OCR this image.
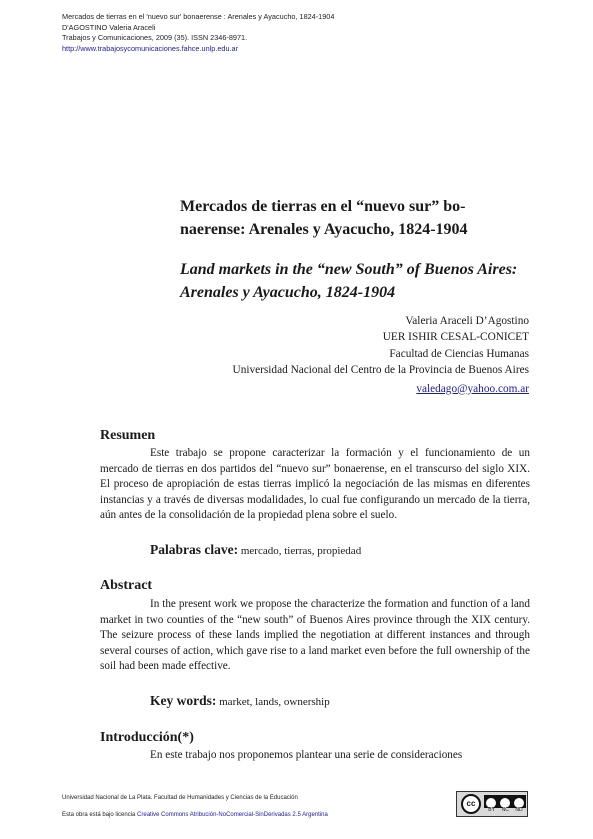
Mercados de tierras en el 'nuevo sur' bonaerense : Arenales y Ayacucho, 1824-1904
D'AGOSTINO Valeria Araceli
Trabajos y Comunicaciones, 2009 (35). ISSN 2346-8971.
http://www.trabajosycomunicaciones.fahce.unlp.edu.ar

Mercados de tierras en el “nuevo sur” bo-naerense: Arenales y Ayacucho, 1824-1904

Land markets in the “new South” of Buenos Aires: Arenales y Ayacucho, 1824-1904

Valeria Araceli D’Agostino
UER ISHIR CESAL-CONICET
Facultad de Ciencias Humanas
Universidad Nacional del Centro de la Provincia de Buenos Aires
valedago@yahoo.com.ar
Resumen

Este trabajo se propone caracterizar la formación y el funcionamiento de un mercado de tierras en dos partidos del “nuevo sur” bonaerense, en el transcurso del siglo XIX. El proceso de apropiación de estas tierras implicó la negociación de las mismas en diferentes instancias y a través de diversas modalidades, lo cual fue configurando un mercado de la tierra, aún antes de la consolidación de la propiedad plena sobre el suelo.

Palabras clave: mercado, tierras, propiedad

Abstract

In the present work we propose the characterize the formation and function of a land market in two counties of the “new south” of Buenos Aires province through the XIX century. The seizure process of these lands implied the negotiation at different instances and through several courses of action, which gave rise to a land market even before the full ownership of the soil had been made effective.

Key words: market, lands, ownership

Introducción(*)

En este trabajo nos proponemos plantear una serie de consideraciones

Universidad Nacional de La Plata. Facultad de Humanidades y Ciencias de la Educación
Esta obra está bajo licencia Creative Commons Atribución-NoComercial-SinDerivadas 2.5 Argentina
cc
BY NC ND
